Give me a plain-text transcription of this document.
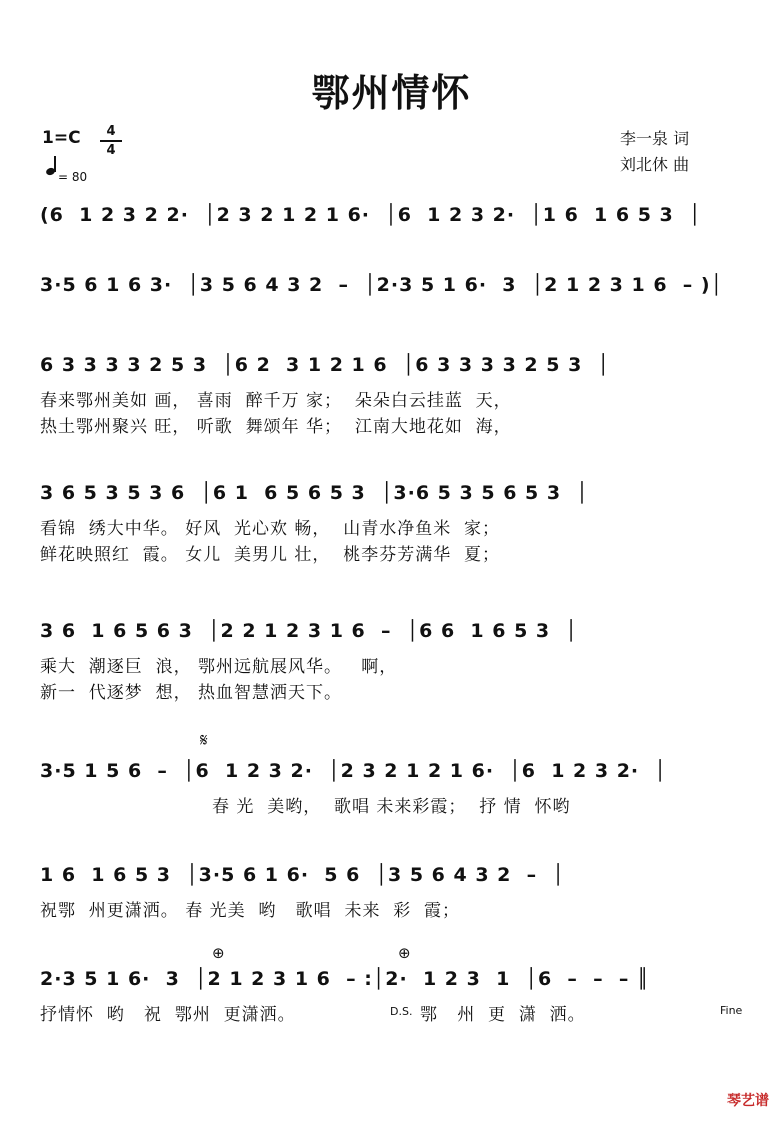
鄂州情怀
1=C	4
4
= 80
李一泉 词
刘北休 曲
(6  1 2 3 2 2·  │2 3 2 1 2 1 6·  │6  1 2 3 2·  │1 6  1 6 5 3  │
3·5 6 1 6 3·  │3 5 6 4 3 2  –  │2·3 5 1 6·  3  │2 1 2 3 1 6  – )│
6 3 3 3 3 2 5 3  │6 2  3 1 2 1 6  │6 3 3 3 3 2 5 3  │
春来鄂州美如 画， 喜雨  醉千万 家；  朵朵白云挂蓝  天，
热土鄂州聚兴 旺， 听歌  舞颂年 华；  江南大地花如  海，
3 6 5 3 5 3 6  │6 1  6 5 6 5 3  │3·6 5 3 5 6 5 3  │
看锦  绣大中华。 好风  光心欢 畅，  山青水净鱼米  家；
鲜花映照红  霞。 女儿  美男儿 壮，  桃李芬芳满华  夏；
3 6  1 6 5 6 3  │2 2 1 2 3 1 6  –  │6 6  1 6 5 3  │
乘大  潮逐巨  浪， 鄂州远航展风华。   啊，
新一  代逐梦  想， 热血智慧洒天下。
𝄋
3·5 1 5 6  –  │6  1 2 3 2·  │2 3 2 1 2 1 6·  │6  1 2 3 2·  │
春 光  美哟，  歌唱 未来彩霞；  抒 情  怀哟
1 6  1 6 5 3  │3·5 6 1 6·  5 6  │3 5 6 4 3 2  –  │
祝鄂  州更潇洒。 春 光美  哟   歌唱  未来  彩  霞；
⊕	⊕
2·3 5 1 6·  3  │2 1 2 3 1 6  – :│2·  1 2 3  1  │6  –  –  – ║
抒情怀  哟   祝  鄂州  更潇洒。	D.S. 鄂   州  更  潇  洒。	Fine
琴艺谱
